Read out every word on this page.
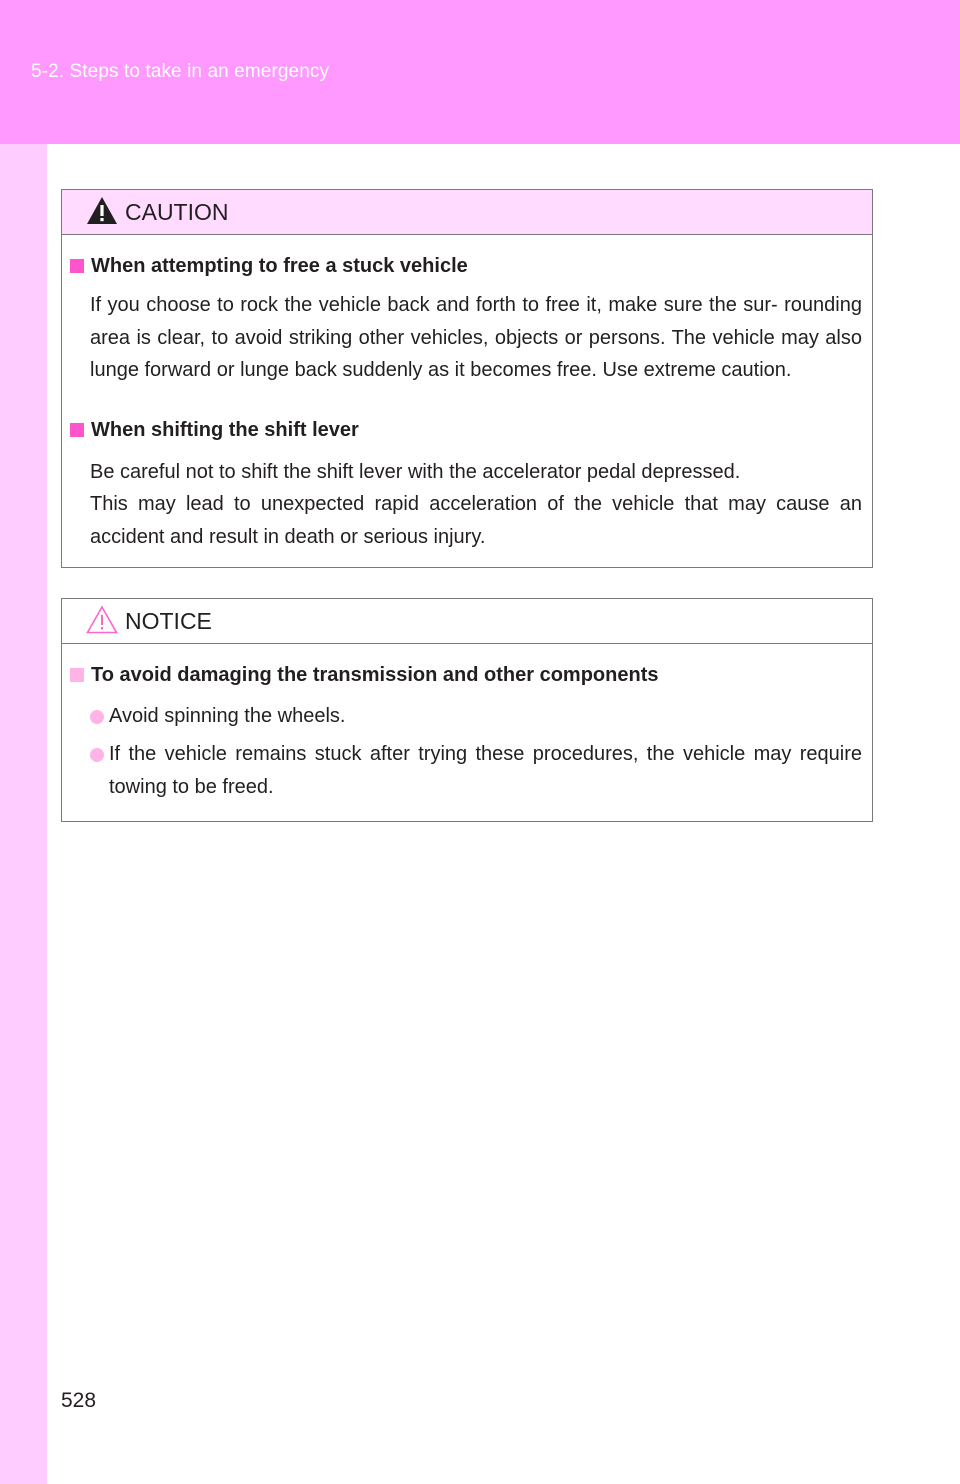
5-2. Steps to take in an emergency
CAUTION
When attempting to free a stuck vehicle
If you choose to rock the vehicle back and forth to free it, make sure the sur- rounding area is clear, to avoid striking other vehicles, objects or persons. The vehicle may also lunge forward or lunge back suddenly as it becomes free. Use extreme caution.
When shifting the shift lever
Be careful not to shift the shift lever with the accelerator pedal depressed.
This may lead to unexpected rapid acceleration of the vehicle that may cause an accident and result in death or serious injury.
NOTICE
To avoid damaging the transmission and other components
Avoid spinning the wheels.
If the vehicle remains stuck after trying these procedures, the vehicle may require towing to be freed.
528
